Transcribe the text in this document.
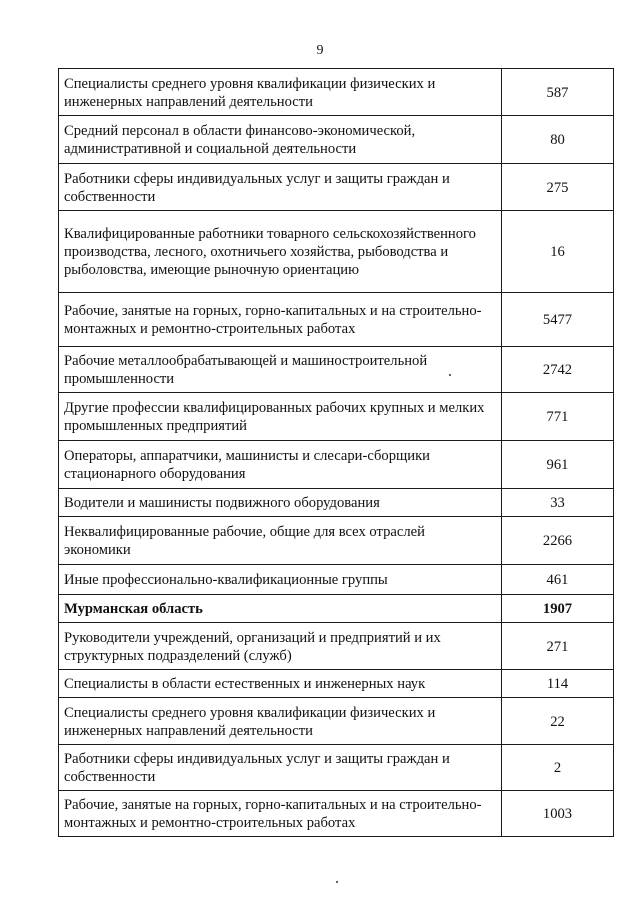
9
Специалисты среднего уровня квалификации физических и инженерных направлений деятельности	587
Средний персонал в области финансово-экономической, административной и социальной деятельности	80
Работники сферы индивидуальных услуг и защиты граждан и собственности	275
Квалифицированные работники товарного сельскохозяйственного производства, лесного, охотничьего хозяйства, рыбоводства и рыболовства, имеющие рыночную ориентацию	16
Рабочие, занятые на горных, горно-капитальных и на строительно-монтажных и ремонтно-строительных работах	5477
Рабочие металлообрабатывающей и машиностроительной промышленности	2742
Другие профессии квалифицированных рабочих крупных и мелких промышленных предприятий	771
Операторы, аппаратчики, машинисты и слесари-сборщики стационарного оборудования	961
Водители и машинисты подвижного оборудования	33
Неквалифицированные рабочие, общие для всех отраслей экономики	2266
Иные профессионально-квалификационные группы	461
Мурманская область	1907
Руководители учреждений, организаций и предприятий и их структурных подразделений (служб)	271
Специалисты в области естественных и инженерных наук	114
Специалисты среднего уровня квалификации физических и инженерных направлений деятельности	22
Работники сферы индивидуальных услуг и защиты граждан и собственности	2
Рабочие, занятые на горных, горно-капитальных и на строительно-монтажных и ремонтно-строительных работах	1003
